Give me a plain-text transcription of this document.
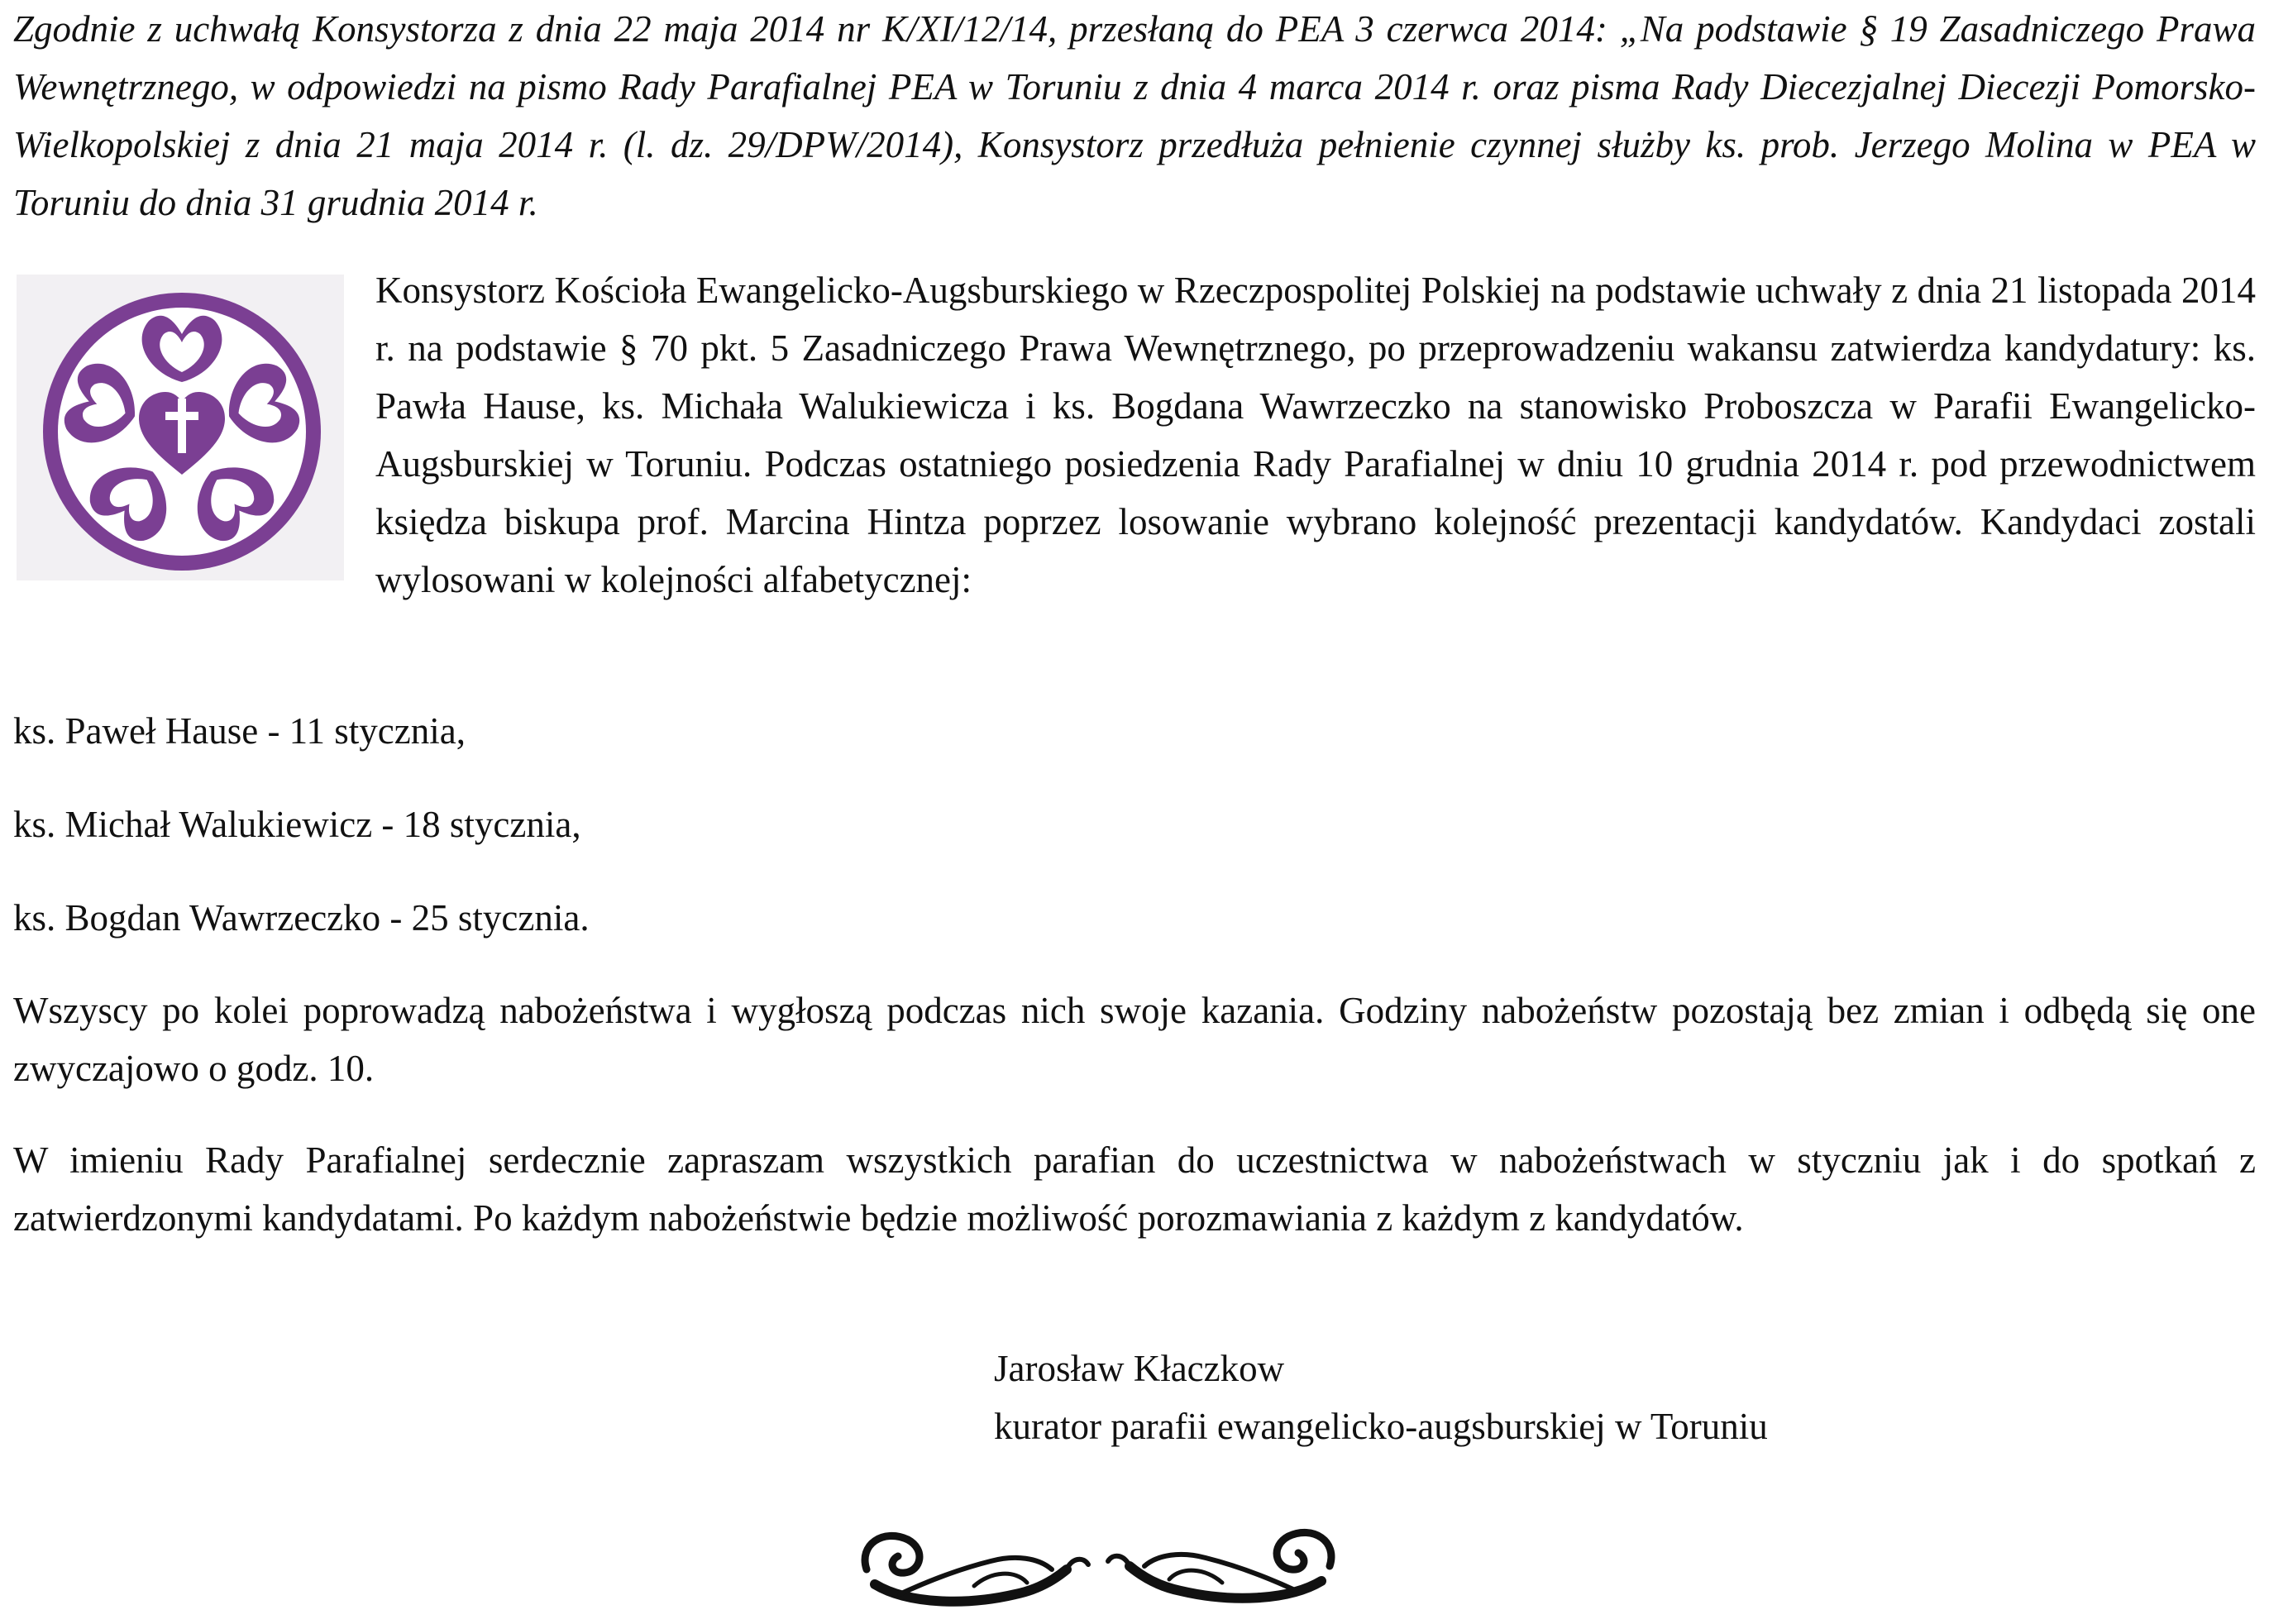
Zgodnie z uchwałą Konsystorza z dnia 22 maja 2014 nr K/XI/12/14, przesłaną do PEA 3 czerwca 2014: „Na podstawie § 19 Zasadniczego Prawa Wewnętrznego, w odpowiedzi na pismo Rady Parafialnej PEA w Toruniu z dnia 4 marca 2014 r. oraz pisma Rady Diecezjalnej Diecezji Pomorsko-Wielkopolskiej z dnia 21 maja 2014 r. (l. dz. 29/DPW/2014), Konsystorz przedłuża pełnienie czynnej służby ks. prob. Jerzego Molina w PEA w Toruniu do dnia 31 grudnia 2014 r.

Konsystorz Kościoła Ewangelicko-Augsburskiego w Rzeczpospolitej Polskiej na podstawie uchwały z dnia 21 listopada 2014 r. na podstawie § 70 pkt. 5 Zasadniczego Prawa Wewnętrznego, po przeprowadzeniu wakansu zatwierdza kandydatury: ks. Pawła Hause, ks. Michała Walukiewicza i ks. Bogdana Wawrzeczko na stanowisko Proboszcza w Parafii Ewangelicko-Augsburskiej w Toruniu. Podczas ostatniego posiedzenia Rady Parafialnej w dniu 10 grudnia 2014 r. pod przewodnictwem księdza biskupa prof. Marcina Hintza poprzez losowanie wybrano kolejność prezentacji kandydatów. Kandydaci zostali wylosowani w kolejności alfabetycznej:

ks. Paweł Hause - 11 stycznia,

ks. Michał Walukiewicz - 18 stycznia,

ks. Bogdan Wawrzeczko - 25 stycznia.

Wszyscy po kolei poprowadzą nabożeństwa i wygłoszą podczas nich swoje kazania. Godziny nabożeństw pozostają bez zmian i odbędą się one zwyczajowo o godz. 10.

W imieniu Rady Parafialnej serdecznie zapraszam wszystkich parafian do uczestnictwa w nabożeństwach w styczniu jak i do spotkań z zatwierdzonymi kandydatami. Po każdym nabożeństwie będzie możliwość porozmawiania z każdym z kandydatów.

Jarosław Kłaczkow

kurator parafii ewangelicko-augsburskiej w Toruniu
